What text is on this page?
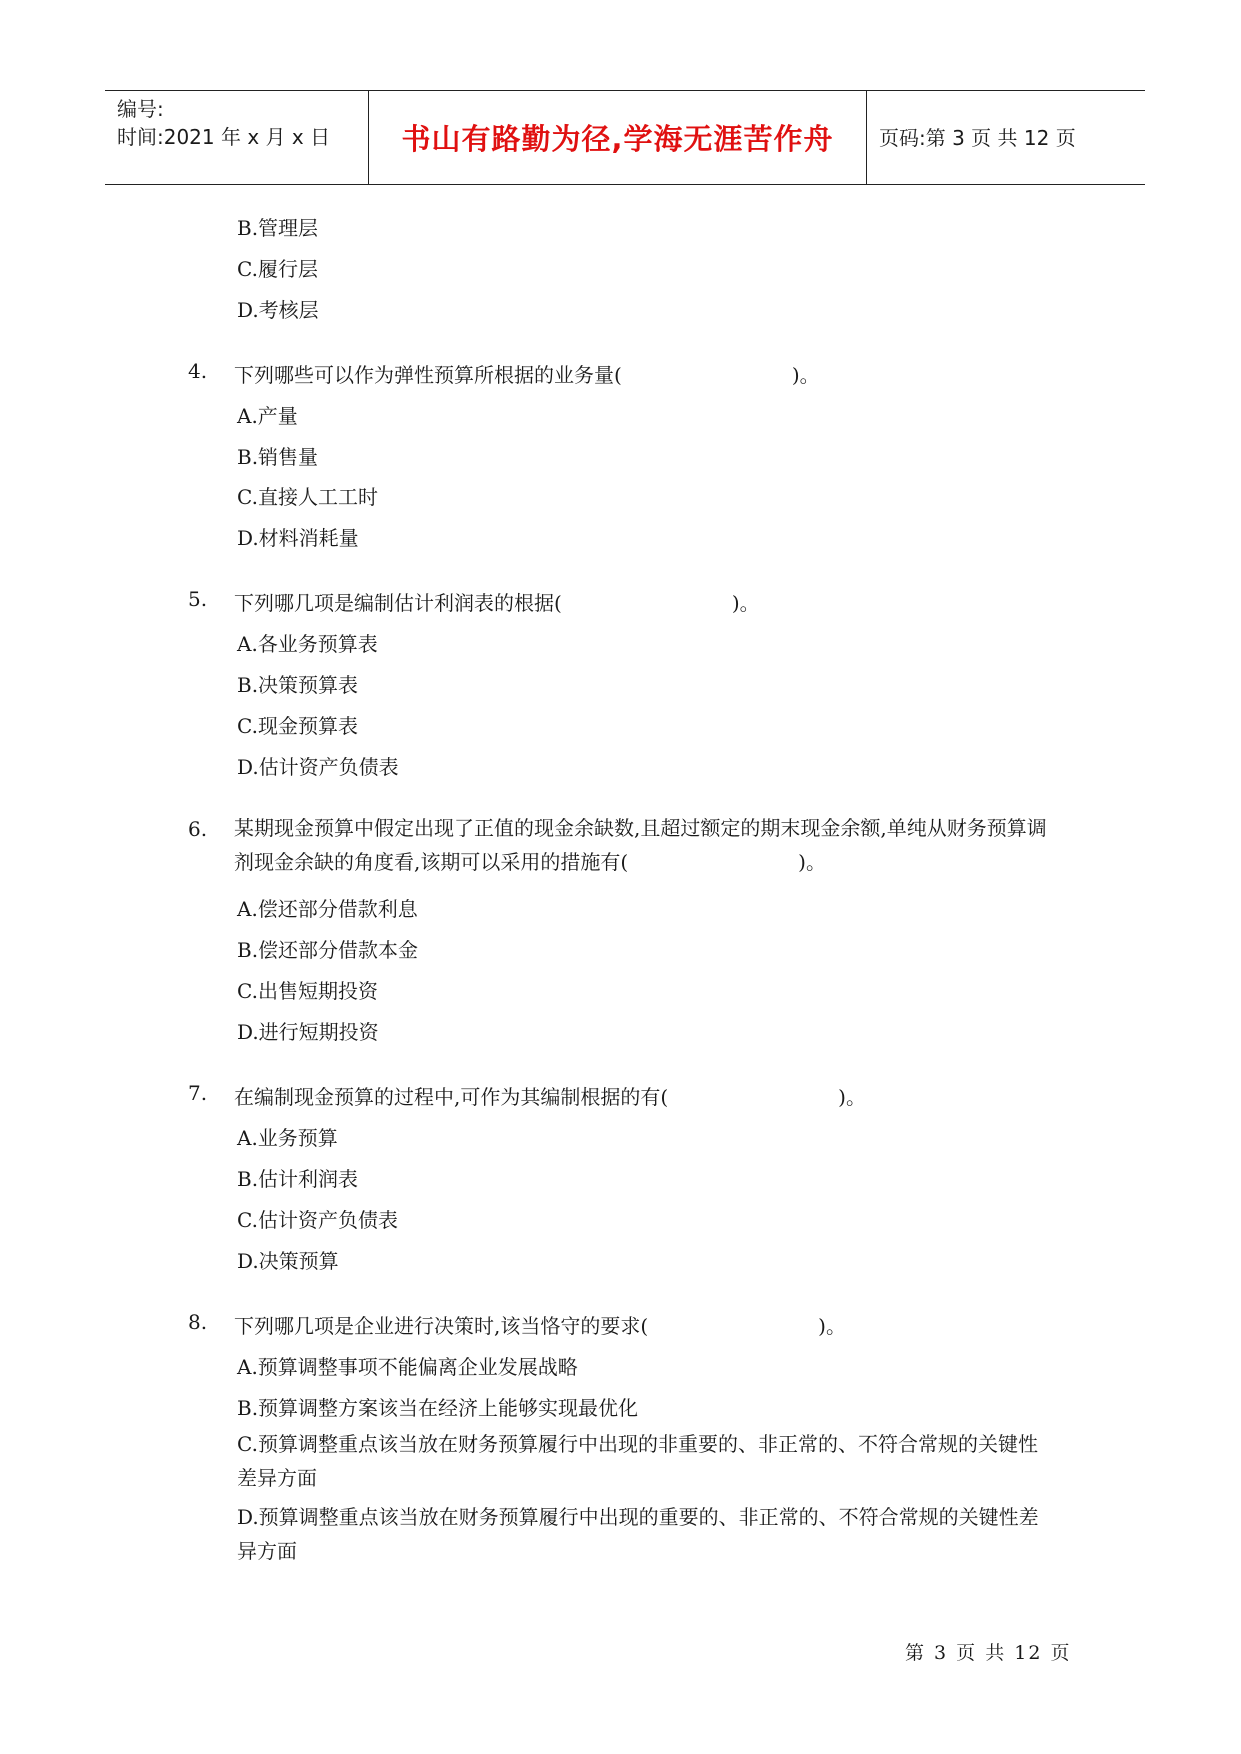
编号:
时间:2021 年 x 月 x 日	书山有路勤为径,学海无涯苦作舟	页码:第 3 页 共 12 页
B.管理层
C.履行层
D.考核层
4. 下列哪些可以作为弹性预算所根据的业务量(	)。
A.产量
B.销售量
C.直接人工工时
D.材料消耗量
5. 下列哪几项是编制估计利润表的根据(	)。
A.各业务预算表
B.决策预算表
C.现金预算表
D.估计资产负债表
6. 某期现金预算中假定出现了正值的现金余缺数,且超过额定的期末现金余额,单纯从财务预算调剂现金余缺的角度看,该期可以采用的措施有(	)。
A.偿还部分借款利息
B.偿还部分借款本金
C.出售短期投资
D.进行短期投资
7. 在编制现金预算的过程中,可作为其编制根据的有(	)。
A.业务预算
B.估计利润表
C.估计资产负债表
D.决策预算
8. 下列哪几项是企业进行决策时,该当恪守的要求(	)。
A.预算调整事项不能偏离企业发展战略
B.预算调整方案该当在经济上能够实现最优化
C.预算调整重点该当放在财务预算履行中出现的非重要的、非正常的、不符合常规的关键性差异方面
D.预算调整重点该当放在财务预算履行中出现的重要的、非正常的、不符合常规的关键性差异方面
第 3 页 共 12 页
